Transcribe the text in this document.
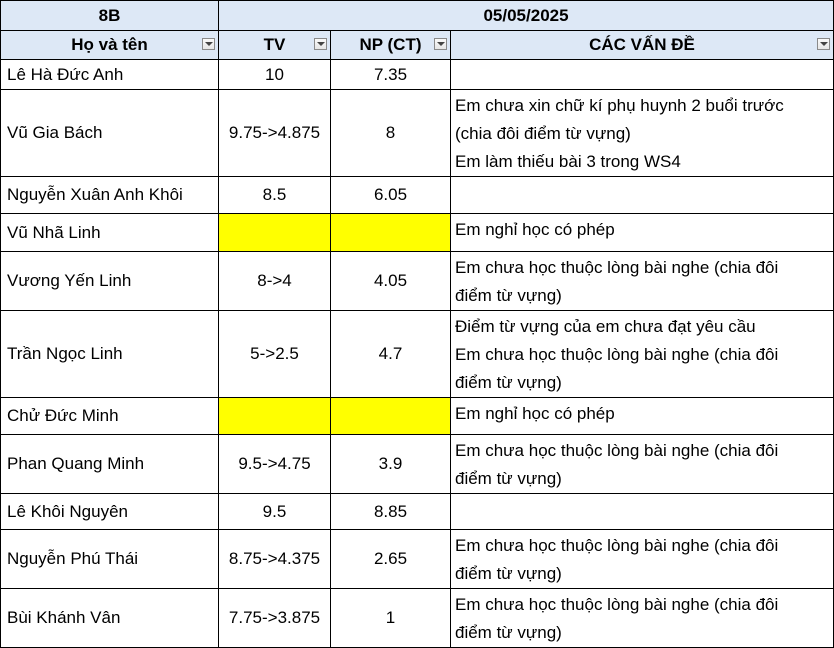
8B	05/05/2025		
Họ và tên	TV	NP (CT)	CÁC VẤN ĐỀ

Lê Hà Đức Anh	10	7.35	
Vũ Gia Bách	9.75->4.875	8	Em chưa xin chữ kí phụ huynh 2 buổi trước
(chia đôi điểm từ vựng)
Em làm thiếu bài 3 trong WS4

Nguyễn Xuân Anh Khôi	8.5	6.05	
Vũ Nhã Linh			Em nghỉ học có phép

Vương Yến Linh	8->4	4.05	Em chưa học thuộc lòng bài nghe (chia đôi
điểm từ vựng)

Trần Ngọc Linh	5->2.5	4.7	Điểm từ vựng của em chưa đạt yêu cầu
Em chưa học thuộc lòng bài nghe (chia đôi
điểm từ vựng)

Chử Đức Minh			Em nghỉ học có phép

Phan Quang Minh	9.5->4.75	3.9	Em chưa học thuộc lòng bài nghe (chia đôi
điểm từ vựng)

Lê Khôi Nguyên	9.5	8.85	
Nguyễn Phú Thái	8.75->4.375	2.65	Em chưa học thuộc lòng bài nghe (chia đôi
điểm từ vựng)

Bùi Khánh Vân	7.75->3.875	1	Em chưa học thuộc lòng bài nghe (chia đôi
điểm từ vựng)
